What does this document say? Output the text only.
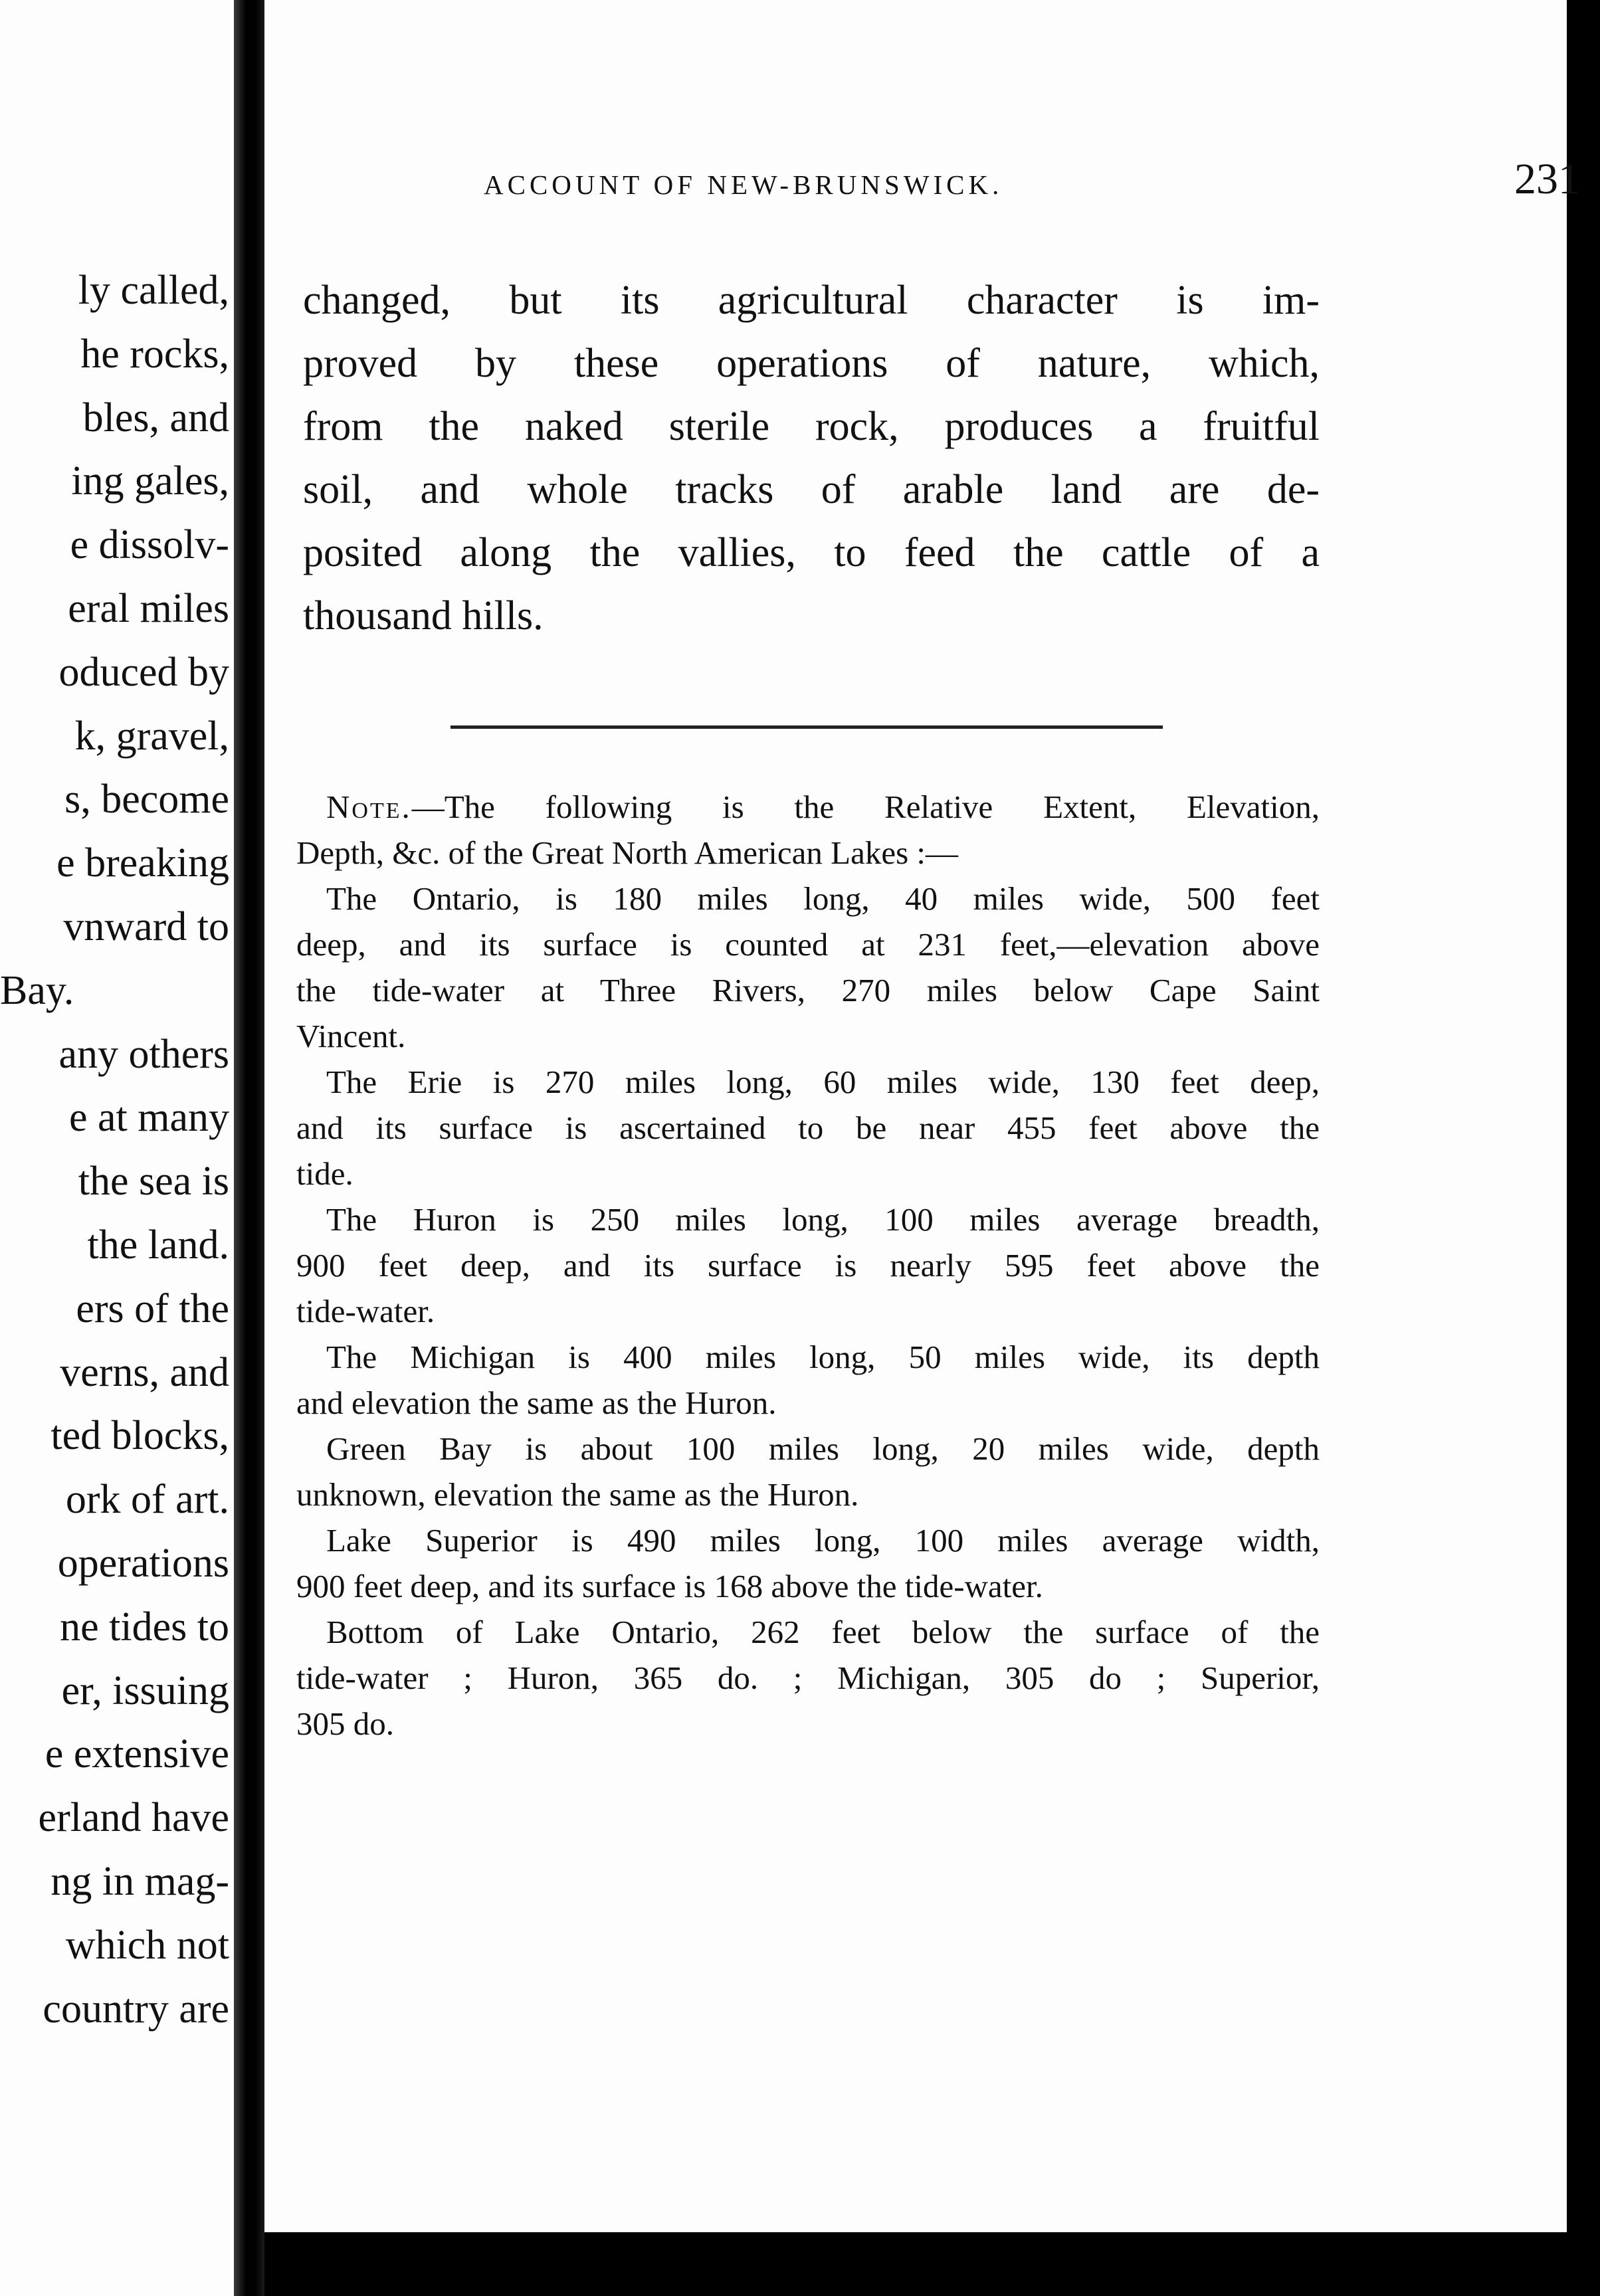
ly called,
he rocks,
bles, and
ing gales,
e dissolv-
eral miles
oduced by
k, gravel,
s, become
e breaking
vnward to
Bay.
any others
e at many
the sea is
the land.
ers of the
verns, and
ted blocks,
ork of art.
operations
ne tides to
er, issuing
e extensive
erland have
ng in mag-
which not
country are
ACCOUNT OF NEW-BRUNSWICK.	231
changed, but its agricultural character is im-
proved by these operations of nature, which,
from the naked sterile rock, produces a fruitful
soil, and whole tracks of arable land are de-
posited along the vallies, to feed the cattle of a
thousand hills.
Note.—The following is the Relative Extent, Elevation,
Depth, &c. of the Great North American Lakes :—
The Ontario, is 180 miles long, 40 miles wide, 500 feet
deep, and its surface is counted at 231 feet,—elevation above
the tide-water at Three Rivers, 270 miles below Cape Saint
Vincent.
The Erie is 270 miles long, 60 miles wide, 130 feet deep,
and its surface is ascertained to be near 455 feet above the
tide.
The Huron is 250 miles long, 100 miles average breadth,
900 feet deep, and its surface is nearly 595 feet above the
tide-water.
The Michigan is 400 miles long, 50 miles wide, its depth
and elevation the same as the Huron.
Green Bay is about 100 miles long, 20 miles wide, depth
unknown, elevation the same as the Huron.
Lake Superior is 490 miles long, 100 miles average width,
900 feet deep, and its surface is 168 above the tide-water.
Bottom of Lake Ontario, 262 feet below the surface of the
tide-water ; Huron, 365 do. ; Michigan, 305 do ; Superior,
305 do.
